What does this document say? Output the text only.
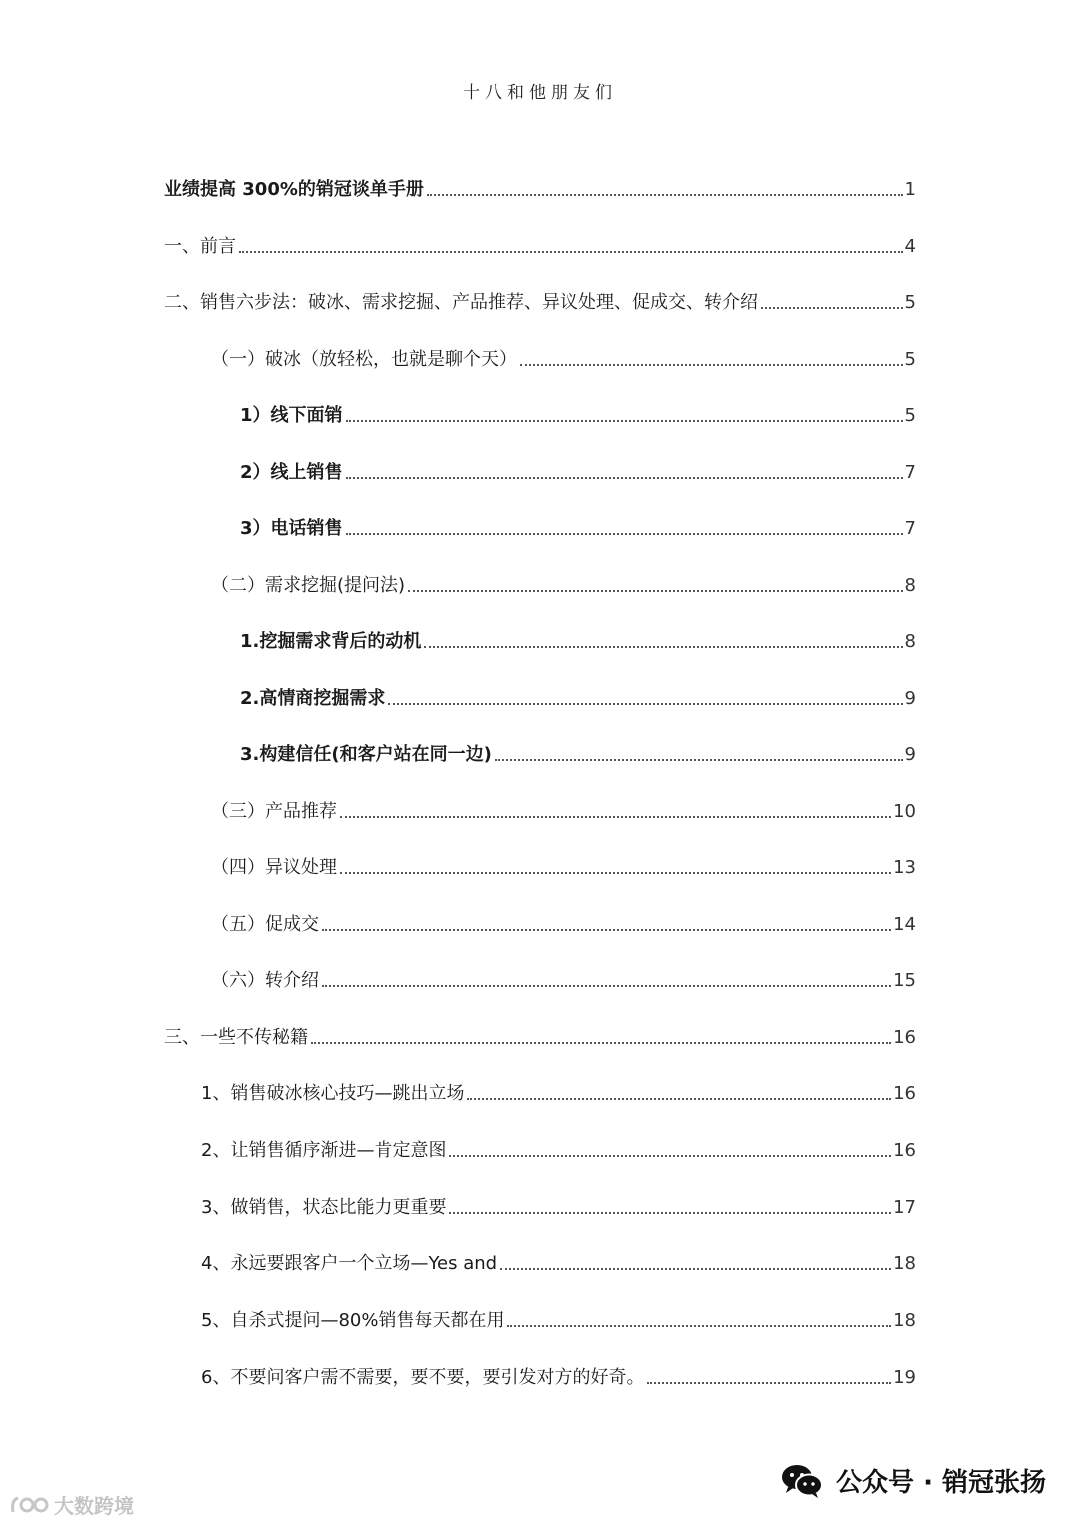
十八和他朋友们
业绩提高 300%的销冠谈单手册	1
一、前言	4
二、销售六步法：破冰、需求挖掘、产品推荐、异议处理、促成交、转介绍	5
（一）破冰（放轻松，也就是聊个天）	5
1）线下面销	5
2）线上销售	7
3）电话销售	7
（二）需求挖掘(提问法)	8
1.挖掘需求背后的动机	8
2.高情商挖掘需求	9
3.构建信任(和客户站在同一边)	9
（三）产品推荐	10
（四）异议处理	13
（五）促成交	14
（六）转介绍	15
三、一些不传秘籍	16
1、销售破冰核心技巧—跳出立场	16
2、让销售循序渐进—肯定意图	16
3、做销售，状态比能力更重要	17
4、永远要跟客户一个立场—Yes and	18
5、自杀式提问—80%销售每天都在用	18
6、不要问客户需不需要，要不要，要引发对方的好奇。	19
公众号 · 销冠张扬
大数跨境
